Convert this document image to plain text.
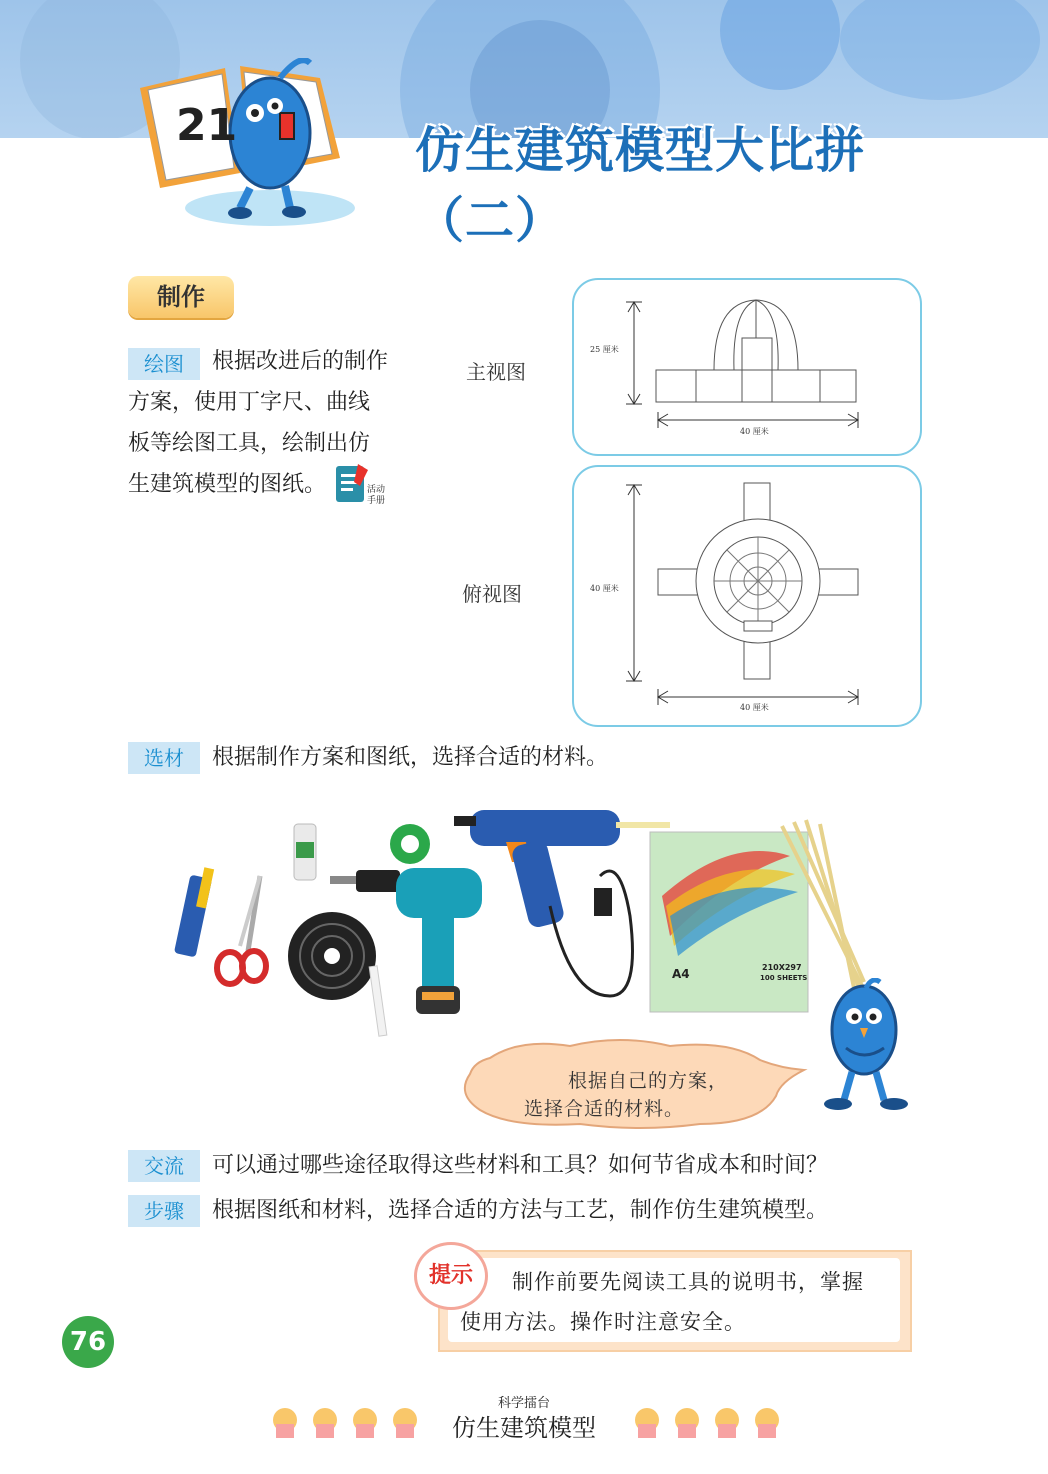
21	仿生建筑模型大比拼（二）
制作
绘图	根据改进后的制作
方案，使用丁字尺、曲线
板等绘图工具，绘制出仿
生建筑模型的图纸。	活动
手册
主视图
25 厘米
40 厘米
俯视图	40 厘米
40 厘米
选材	根据制作方案和图纸，选择合适的材料。
A4	210X297
100 SHEETS
根据自己的方案，
选择合适的材料。
交流	可以通过哪些途径取得这些材料和工具？如何节省成本和时间？
步骤	根据图纸和材料，选择合适的方法与工艺，制作仿生建筑模型。
提示	制作前要先阅读工具的说明书，掌握
使用方法。操作时注意安全。
76
科学擂台
仿生建筑模型
